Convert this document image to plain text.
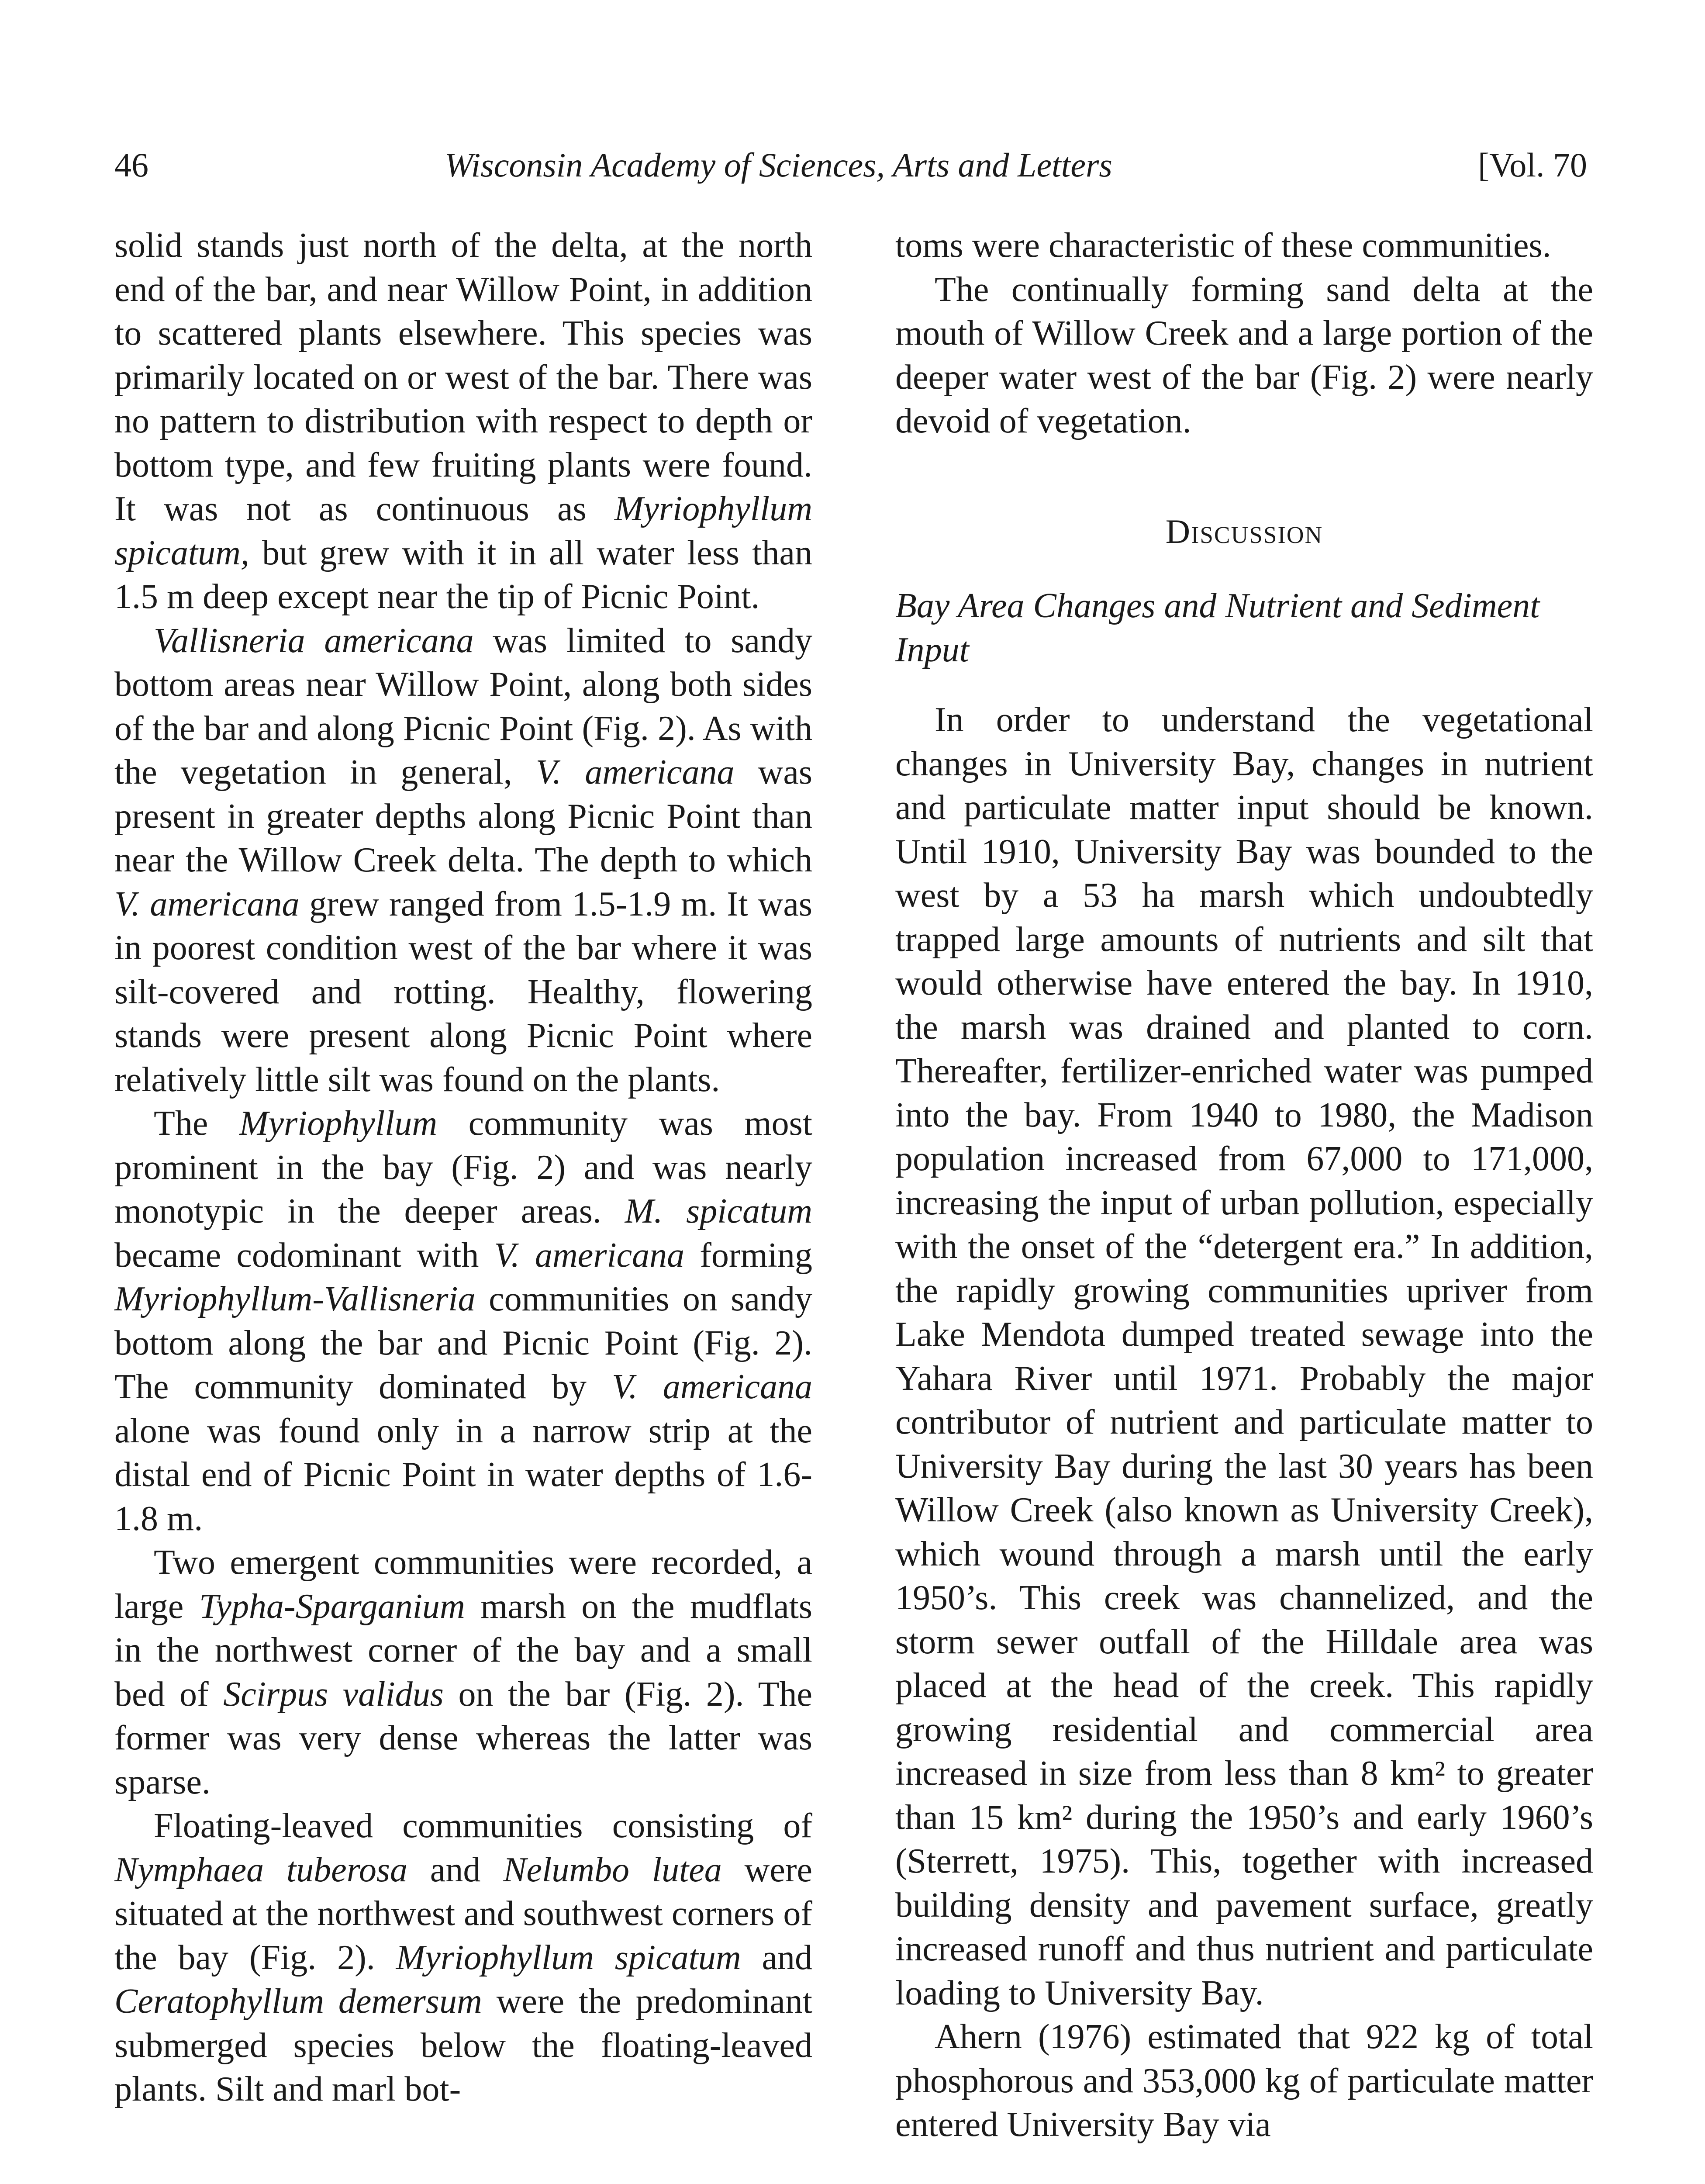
46	Wisconsin Academy of Sciences, Arts and Letters	[Vol. 70

solid stands just north of the delta, at the north end of the bar, and near Willow Point, in addition to scattered plants elsewhere. This species was primarily located on or west of the bar. There was no pattern to distribution with respect to depth or bottom type, and few fruiting plants were found. It was not as continuous as Myriophyllum spicatum, but grew with it in all water less than 1.5 m deep except near the tip of Picnic Point.

Vallisneria americana was limited to sandy bottom areas near Willow Point, along both sides of the bar and along Picnic Point (Fig. 2). As with the vegetation in general, V. americana was present in greater depths along Picnic Point than near the Willow Creek delta. The depth to which V. americana grew ranged from 1.5-1.9 m. It was in poorest condition west of the bar where it was silt-covered and rotting. Healthy, flowering stands were present along Picnic Point where relatively little silt was found on the plants.

The Myriophyllum community was most prominent in the bay (Fig. 2) and was nearly monotypic in the deeper areas. M. spicatum became codominant with V. americana forming Myriophyllum-Vallisneria communities on sandy bottom along the bar and Picnic Point (Fig. 2). The community dominated by V. americana alone was found only in a narrow strip at the distal end of Picnic Point in water depths of 1.6-1.8 m.

Two emergent communities were recorded, a large Typha-Sparganium marsh on the mudflats in the northwest corner of the bay and a small bed of Scirpus validus on the bar (Fig. 2). The former was very dense whereas the latter was sparse.

Floating-leaved communities consisting of Nymphaea tuberosa and Nelumbo lutea were situated at the northwest and southwest corners of the bay (Fig. 2). Myriophyllum spicatum and Ceratophyllum demersum were the predominant submerged species below the floating-leaved plants. Silt and marl bot-

toms were characteristic of these communities.

The continually forming sand delta at the mouth of Willow Creek and a large portion of the deeper water west of the bar (Fig. 2) were nearly devoid of vegetation.

Discussion
Bay Area Changes and Nutrient and Sediment Input

In order to understand the vegetational changes in University Bay, changes in nutrient and particulate matter input should be known. Until 1910, University Bay was bounded to the west by a 53 ha marsh which undoubtedly trapped large amounts of nutrients and silt that would otherwise have entered the bay. In 1910, the marsh was drained and planted to corn. Thereafter, fertilizer-enriched water was pumped into the bay. From 1940 to 1980, the Madison population increased from 67,000 to 171,000, increasing the input of urban pollution, especially with the onset of the “detergent era.” In addition, the rapidly growing communities upriver from Lake Mendota dumped treated sewage into the Yahara River until 1971. Probably the major contributor of nutrient and particulate matter to University Bay during the last 30 years has been Willow Creek (also known as University Creek), which wound through a marsh until the early 1950’s. This creek was channelized, and the storm sewer outfall of the Hilldale area was placed at the head of the creek. This rapidly growing residential and commercial area increased in size from less than 8 km² to greater than 15 km² during the 1950’s and early 1960’s (Sterrett, 1975). This, together with increased building density and pavement surface, greatly increased runoff and thus nutrient and particulate loading to University Bay.

Ahern (1976) estimated that 922 kg of total phosphorous and 353,000 kg of particulate matter entered University Bay via
